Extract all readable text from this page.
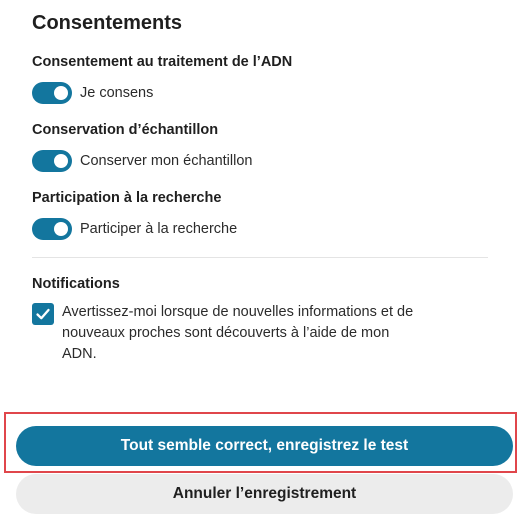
Consentements
Consentement au traitement de l’ADN
Je consens
Conservation d’échantillon
Conserver mon échantillon
Participation à la recherche
Participer à la recherche
Notifications
Avertissez-moi lorsque de nouvelles informations et de nouveaux proches sont découverts à l’aide de mon ADN.
Tout semble correct, enregistrez le test
Annuler l’enregistrement
